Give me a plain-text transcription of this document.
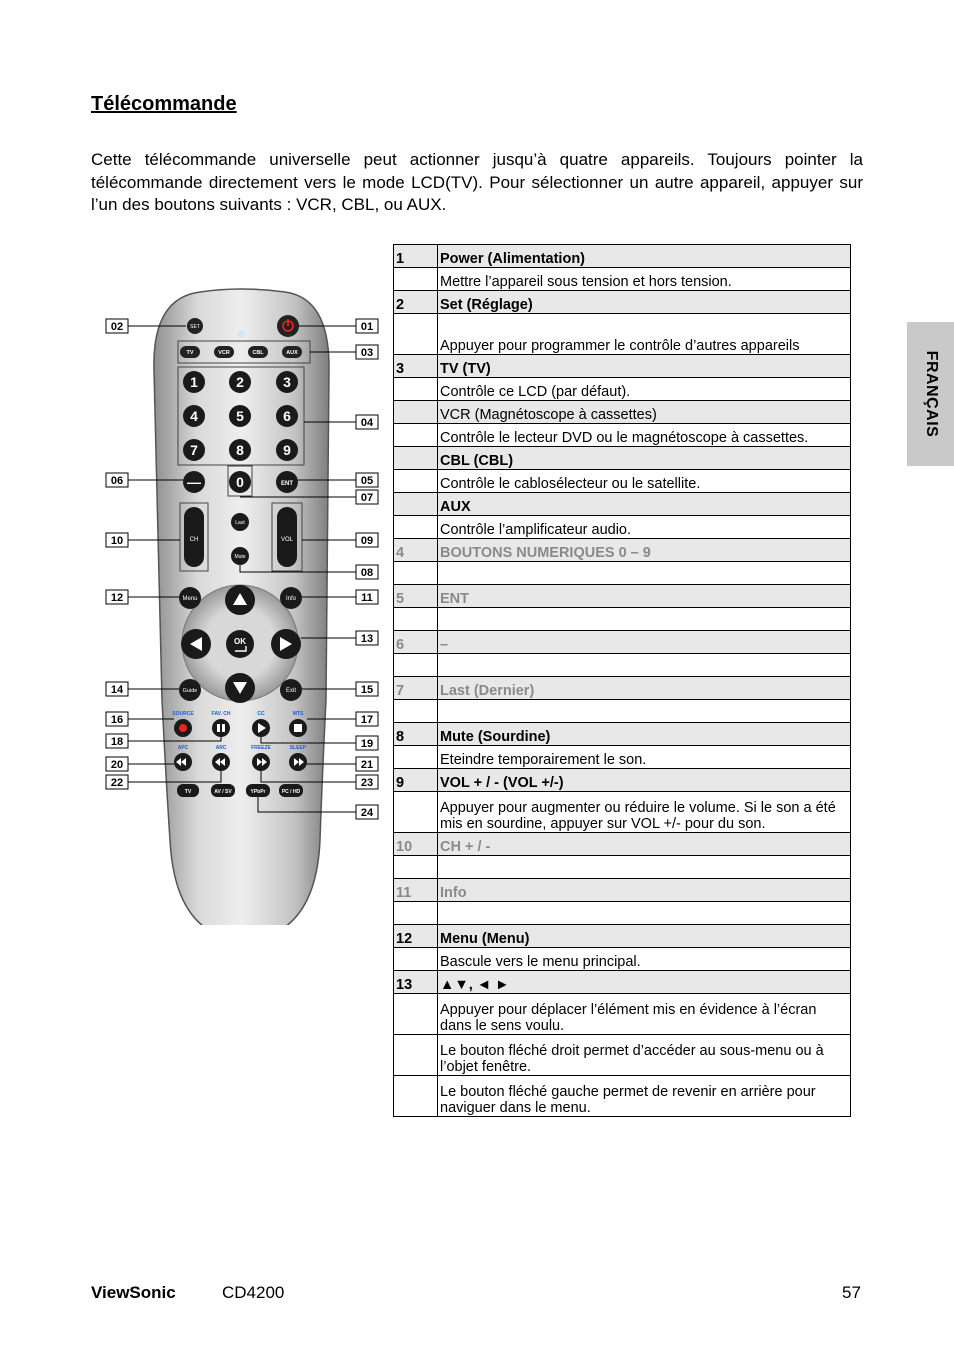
Télécommande
Cette télécommande universelle peut actionner jusqu’à quatre appareils. Toujours pointer la télécommande directement vers le mode LCD(TV). Pour sélectionner un autre appareil, appuyer sur l’un des boutons suivants : VCR, CBL, ou AUX.
FRANÇAIS
SET
TV	VCR	CBL	AUX
1	2	3
4	5	6
7	8	9
—	0	ENT
CH	VOL
Last
Mute
Menu	Info
Guide	Exit
OK
SOURCE	FAV. CH	CC	MTS
APC	ARC	FREEZE	SLEEP
TV	AV / SV	YPbPr	PC / HD
02	01
03
04
06	05
07
10	09
08
12	11
13
14	15
16	17
18	19
20	21
22	23
24
1	Power (Alimentation)
	Mettre l’appareil sous tension et hors tension.
2	Set (Réglage)
	Appuyer pour programmer le contrôle d’autres appareils
3	TV (TV)
	Contrôle ce LCD (par défaut).
	VCR (Magnétoscope à cassettes)
	Contrôle le lecteur DVD ou le magnétoscope à cassettes.
	CBL (CBL)
	Contrôle le cablosélecteur ou le satellite.
	AUX
	Contrôle l’amplificateur audio.
4	BOUTONS NUMERIQUES 0 – 9

5	ENT

6	–

7	Last (Dernier)

8	Mute (Sourdine)
	Eteindre temporairement le son.
9	VOL + / - (VOL +/-)
	Appuyer pour augmenter ou réduire le volume. Si le son a été mis en sourdine, appuyer sur VOL +/- pour du son.
10	CH + / -

11	Info

12	Menu (Menu)
	Bascule vers le menu principal.
13	▲▼, ◄ ►
	Appuyer pour déplacer l’élément mis en évidence à l’écran dans le sens voulu.
	Le bouton fléché droit permet d’accéder au sous-menu ou à l’objet fenêtre.
	Le bouton fléché gauche permet de revenir en arrière pour naviguer dans le menu.
ViewSonic	CD4200	57
